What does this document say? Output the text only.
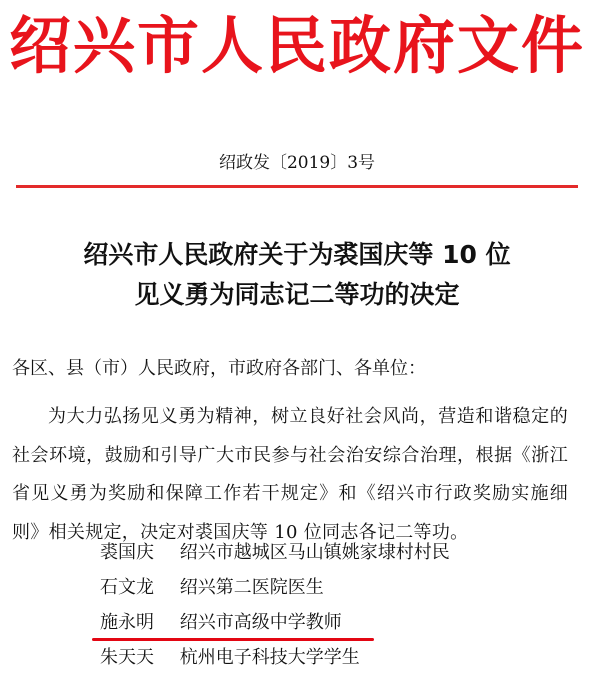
绍兴市人民政府文件
绍政发〔2019〕3号
绍兴市人民政府关于为裘国庆等 10 位
见义勇为同志记二等功的决定
各区、县（市）人民政府，市政府各部门、各单位：
为大力弘扬见义勇为精神，树立良好社会风尚，营造和谐稳定的社会环境，鼓励和引导广大市民参与社会治安综合治理，根据《浙江省见义勇为奖励和保障工作若干规定》和《绍兴市行政奖励实施细则》相关规定，决定对裘国庆等 10 位同志各记二等功。
裘国庆 绍兴市越城区马山镇姚家埭村村民
石文龙 绍兴第二医院医生
施永明 绍兴市高级中学教师
朱天天 杭州电子科技大学学生
